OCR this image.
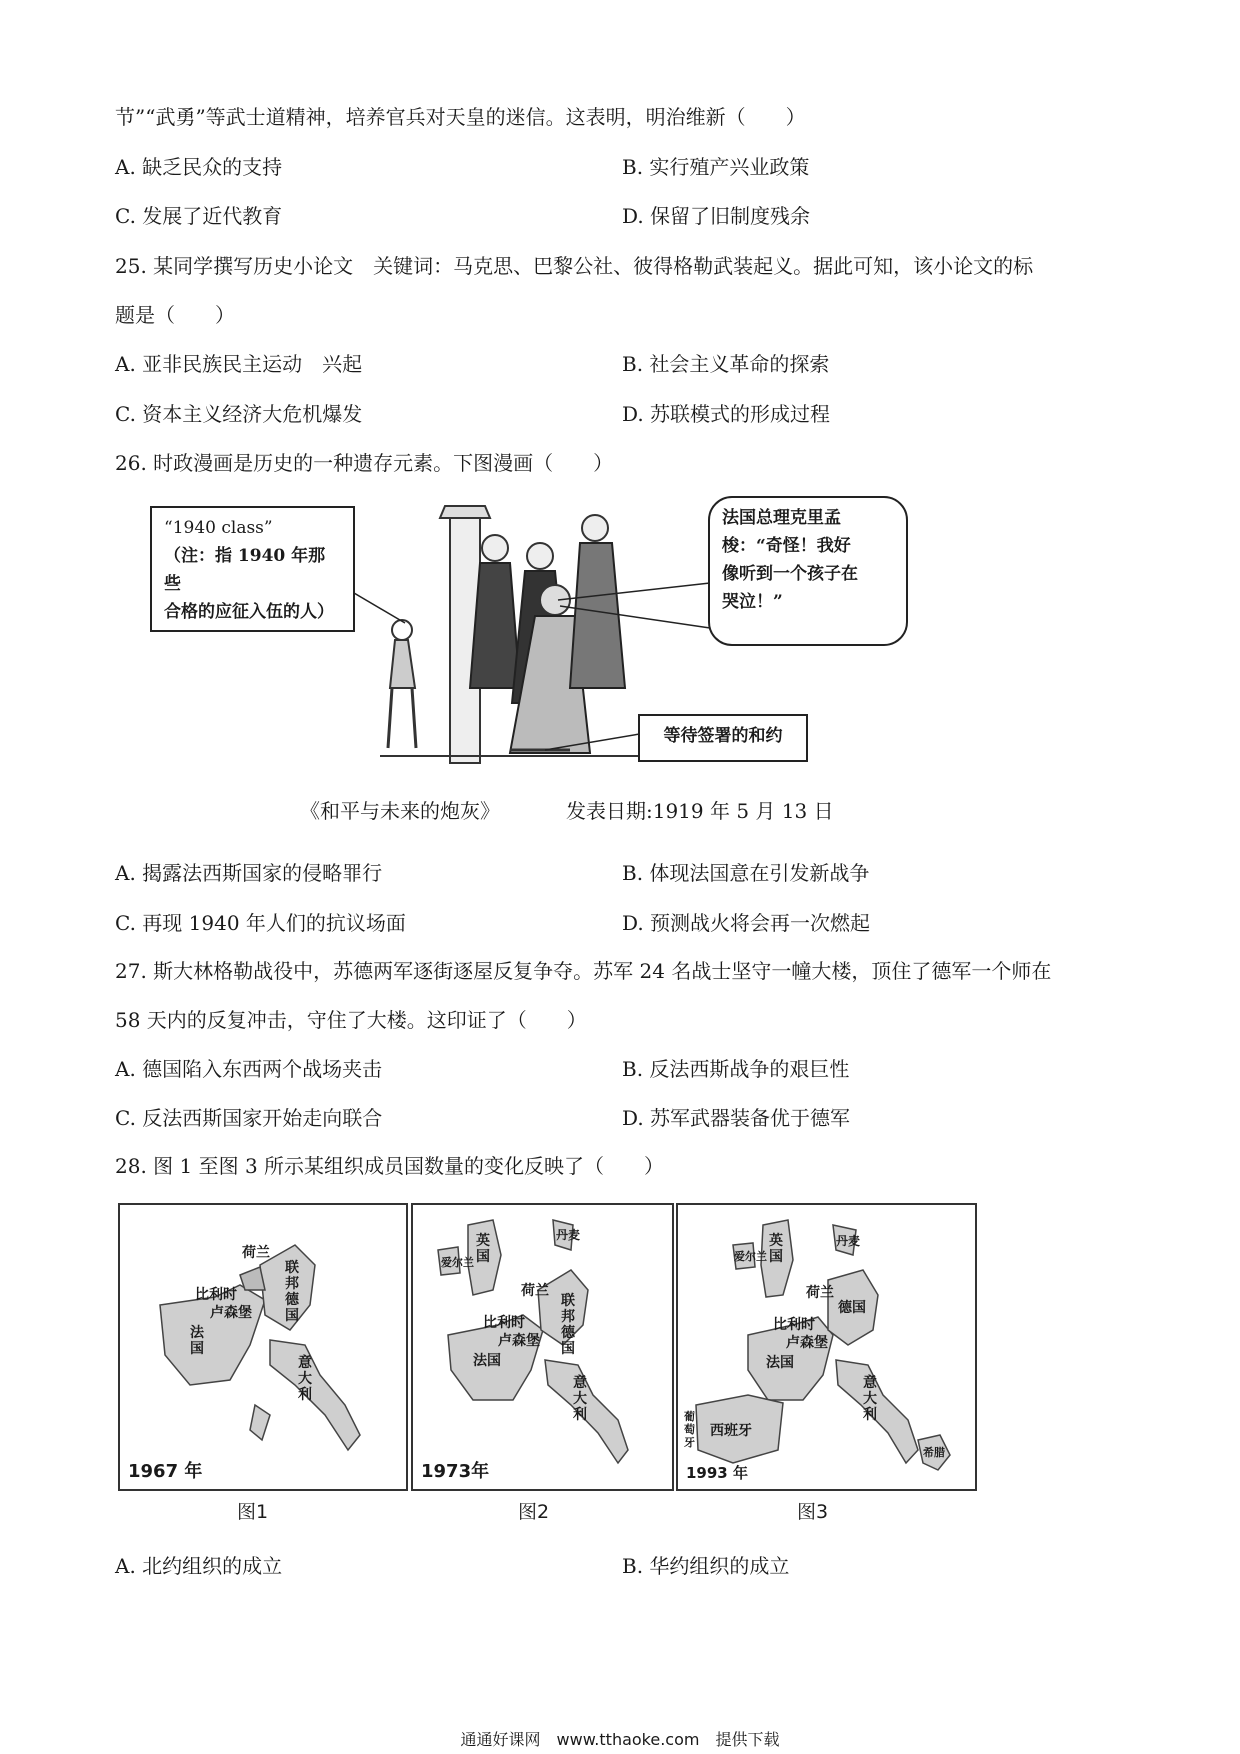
节”“武勇”等武士道精神，培养官兵对天皇的迷信。这表明，明治维新（　　）
A. 缺乏民众的支持	B. 实行殖产兴业政策
C. 发展了近代教育	D. 保留了旧制度残余
25. 某同学撰写历史小论文　关键词：马克思、巴黎公社、彼得格勒武装起义。据此可知，该小论文的标
题是（　　）
A. 亚非民族民主运动　兴起	B. 社会主义革命的探索
C. 资本主义经济大危机爆发	D. 苏联模式的形成过程
26. 时政漫画是历史的一种遗存元素。下图漫画（　　）
“1940 class”
（注：指 1940 年那些
合格的应征入伍的人）
法国总理克里孟
梭：“奇怪！我好
像听到一个孩子在
哭泣！”
等待签署的和约
《和平与未来的炮灰》	发表日期:1919 年 5 月 13 日
A. 揭露法西斯国家的侵略罪行	B. 体现法国意在引发新战争
C. 再现 1940 年人们的抗议场面	D. 预测战火将会再一次燃起
27. 斯大林格勒战役中，苏德两军逐街逐屋反复争夺。苏军 24 名战士坚守一幢大楼，顶住了德军一个师在
58 天内的反复冲击，守住了大楼。这印证了（　　）
A. 德国陷入东西两个战场夹击	B. 反法西斯战争的艰巨性
C. 反法西斯国家开始走向联合	D. 苏军武器装备优于德军
28. 图 1 至图 3 所示某组织成员国数量的变化反映了（　　）
荷兰
联邦德国
比利时
卢森堡
法国
意大利
1967 年
英国
丹麦
荷兰
联邦德国
比利时
卢森堡
法国
意大利
爱尔兰
1973年
英国
丹麦
荷兰
德国
比利时
卢森堡
法国
意大利
西班牙
葡萄牙
希腊
爱尔兰
1993 年
图1	图2	图3
A. 北约组织的成立	B. 华约组织的成立
通通好课网　www.tthaoke.com　提供下载
